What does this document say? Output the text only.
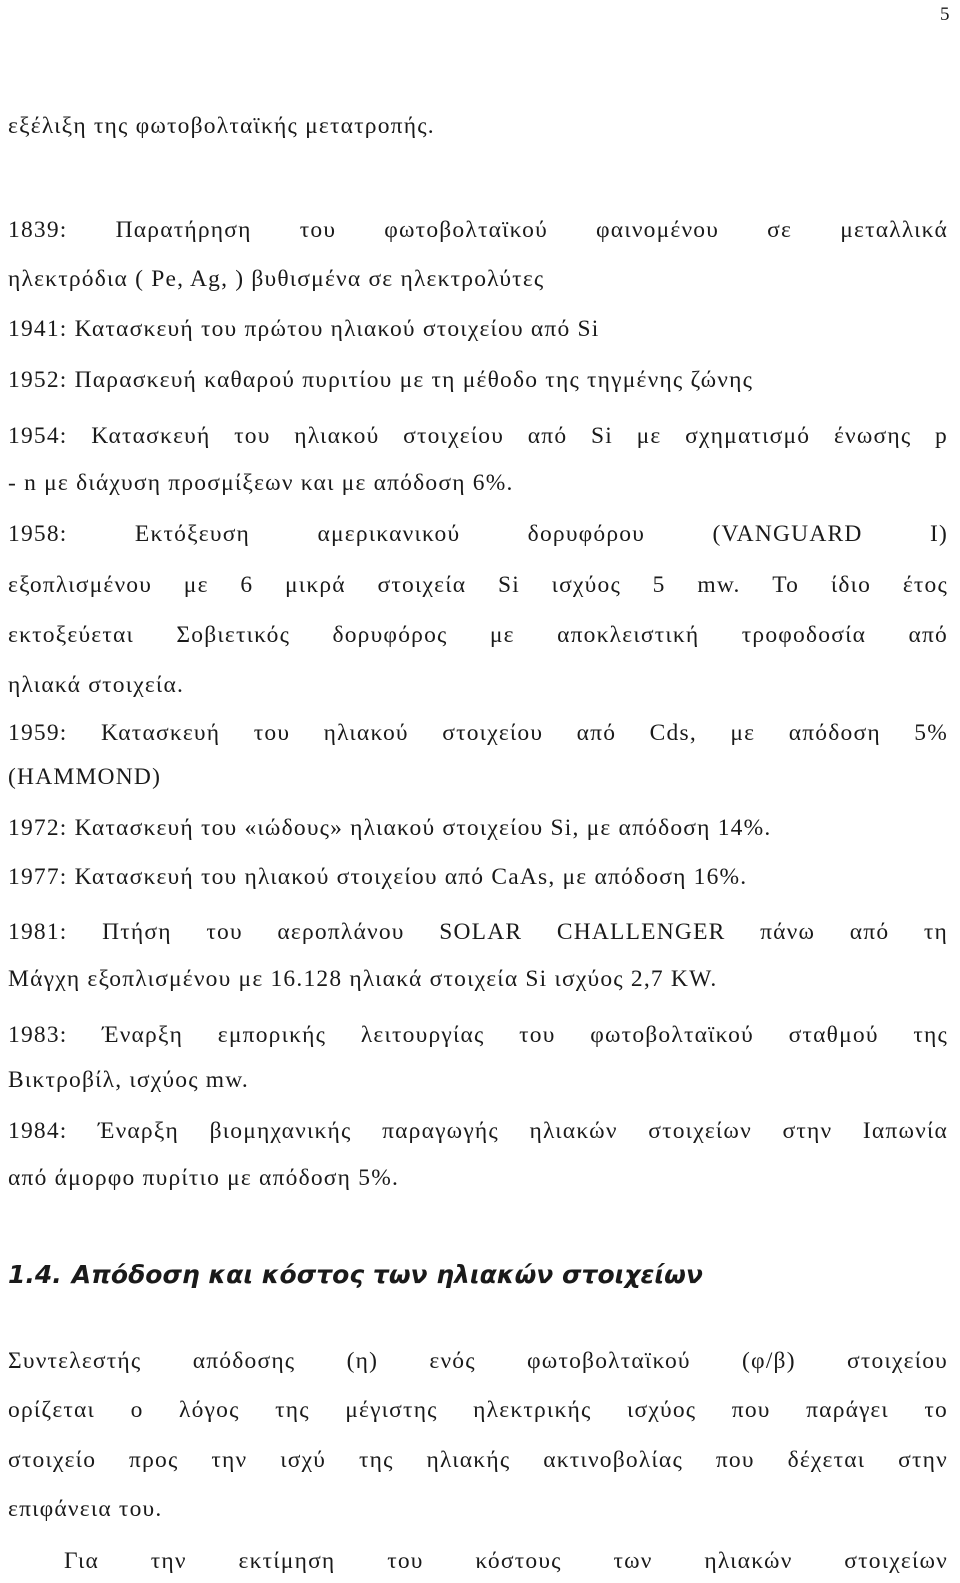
5
εξέλιξη της φωτοβολταϊκής μετατροπής.
1839: Παρατήρηση του φωτοβολταϊκού φαινομένου σε μεταλλικά
ηλεκτρόδια ( Pe, Ag, ) βυθισμένα σε ηλεκτρολύτες
1941: Κατασκευή του πρώτου ηλιακού στοιχείου από Si
1952: Παρασκευή καθαρού πυριτίου με τη μέθοδο της τηγμένης ζώνης
1954: Κατασκευή του ηλιακού στοιχείου από Si με σχηματισμό ένωσης p
- n με διάχυση προσμίξεων και με απόδοση 6%.
1958: Εκτόξευση αμερικανικού δορυφόρου (VANGUARD I)
εξοπλισμένου με 6 μικρά στοιχεία Si ισχύος 5 mw. Το ίδιο έτος
εκτοξεύεται Σοβιετικός δορυφόρος με αποκλειστική τροφοδοσία από
ηλιακά στοιχεία.
1959: Κατασκευή του ηλιακού στοιχείου από Cds, με απόδοση 5%
(HAMMOND)
1972: Κατασκευή του «ιώδους» ηλιακού στοιχείου Si, με απόδοση 14%.
1977: Κατασκευή του ηλιακού στοιχείου από CaAs, με απόδοση 16%.
1981: Πτήση του αεροπλάνου SOLAR CHALLENGER πάνω από τη
Μάγχη εξοπλισμένου με 16.128 ηλιακά στοιχεία Si ισχύος 2,7 KW.
1983: Έναρξη εμπορικής λειτουργίας του φωτοβολταϊκού σταθμού της
Βικτροβίλ, ισχύος mw.
1984: Έναρξη βιομηχανικής παραγωγής ηλιακών στοιχείων στην Ιαπωνία
από άμορφο πυρίτιο με απόδοση 5%.
1.4. Απόδοση και κόστος των ηλιακών στοιχείων
Συντελεστής απόδοσης (η) ενός φωτοβολταϊκού (φ/β) στοιχείου
ορίζεται ο λόγος της μέγιστης ηλεκτρικής ισχύος που παράγει το
στοιχείο προς την ισχύ της ηλιακής ακτινοβολίας που δέχεται στην
επιφάνεια του.
Για την εκτίμηση του κόστους των ηλιακών στοιχείων
